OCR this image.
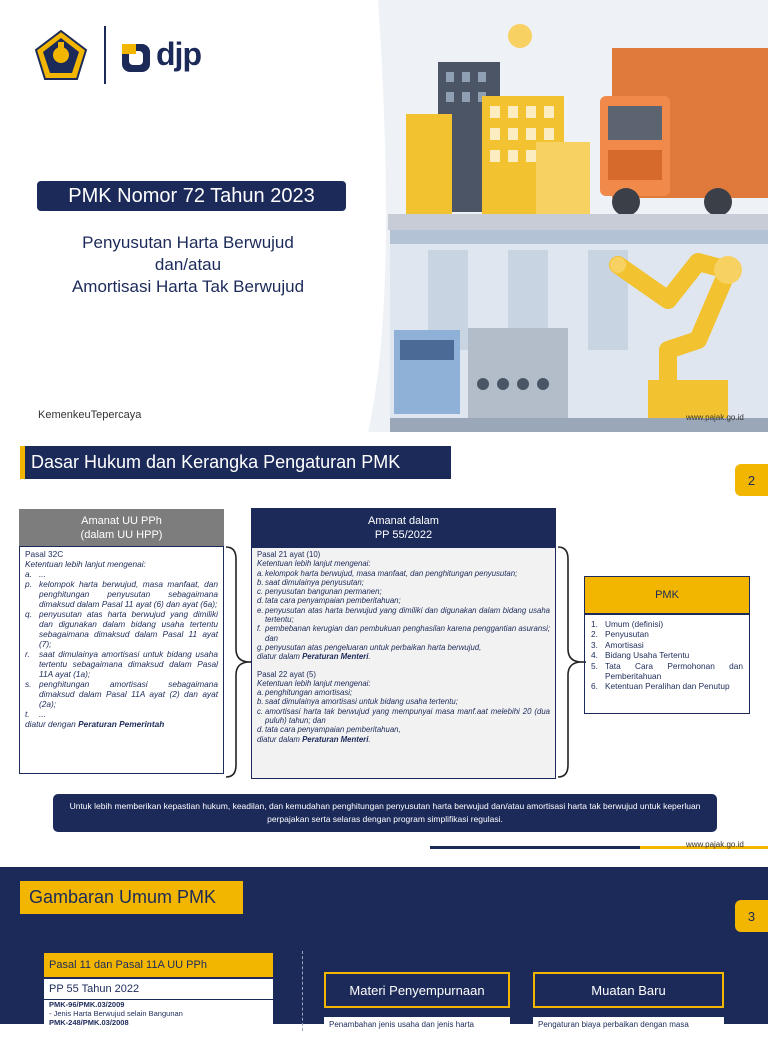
djp
PMK Nomor 72 Tahun 2023
Penyusutan Harta Berwujud
dan/atau
Amortisasi Harta Tak Berwujud
KemenkeuTepercaya	www.pajak.go.id
Dasar Hukum dan Kerangka Pengaturan PMK
2
Amanat UU PPh
(dalam UU HPP)
Pasal 32C
Ketentuan lebih lanjut mengenai:
a. ...
p. kelompok harta berwujud, masa manfaat, dan penghitungan penyusutan sebagaimana dimaksud dalam Pasal 11 ayat (6) dan ayat (6a);
q. penyusutan atas harta berwujud yang dimiliki dan digunakan dalam bidang usaha tertentu sebagaimana dimaksud dalam Pasal 11 ayat (7);
r.	saat dimulainya amortisasi untuk bidang usaha tertentu sebagaimana dimaksud dalam Pasal 11A ayat (1a);
s. penghitungan amortisasi sebagaimana dimaksud dalam Pasal 11A ayat (2) dan ayat (2a);
t.	...
diatur dengan Peraturan Pemerintah
Amanat dalam
PP 55/2022
Pasal 21 ayat (10)
Ketentuan lebih lanjut mengenai:
a. kelompok harta berwujud, masa manfaat, dan penghitungan penyusutan;
b. saat dimulainya penyusutan;
c. penyusutan bangunan permanen;
d. tata cara penyampaian pemberitahuan;
e. penyusutan atas harta berwujud yang dimiliki dan digunakan dalam bidang usaha tertentu;
f. pembebanan kerugian dan pembukuan penghasilan karena penggantian asuransi; dan
g. penyusutan atas pengeluaran untuk perbaikan harta berwujud,
diatur dalam Peraturan Menteri.
Pasal 22 ayat (5)
Ketentuan lebih lanjut mengenai:
a. penghitungan amortisasi;
b. saat dimulainya amortisasi untuk bidang usaha tertentu;
c. amortisasi harta tak berwujud yang mempunyai masa manf.aat melebihi 20 (dua puluh) tahun; dan
d. tata cara penyampaian pemberitahuan,
diatur dalam Peraturan Menteri.
PMK
1. Umum (definisi)
2. Penyusutan
3. Amortisasi
4. Bidang Usaha Tertentu
5. Tata Cara Permohonan dan Pemberitahuan
6. Ketentuan Peralihan dan Penutup
Untuk lebih memberikan kepastian hukum, keadilan, dan kemudahan penghitungan penyusutan harta berwujud dan/atau amortisasi harta tak berwujud untuk keperluan perpajakan serta selaras dengan program simplifikasi regulasi.
www.pajak.go.id
Gambaran Umum PMK
3
Pasal 11 dan Pasal 11A UU PPh
PP 55 Tahun 2022
PMK-96/PMK.03/2009
- Jenis Harta Berwujud selain Bangunan
PMK-248/PMK.03/2008
Materi Penyempurnaan	Muatan Baru
Penambahan jenis usaha dan jenis harta	Pengaturan biaya perbaikan dengan masa
